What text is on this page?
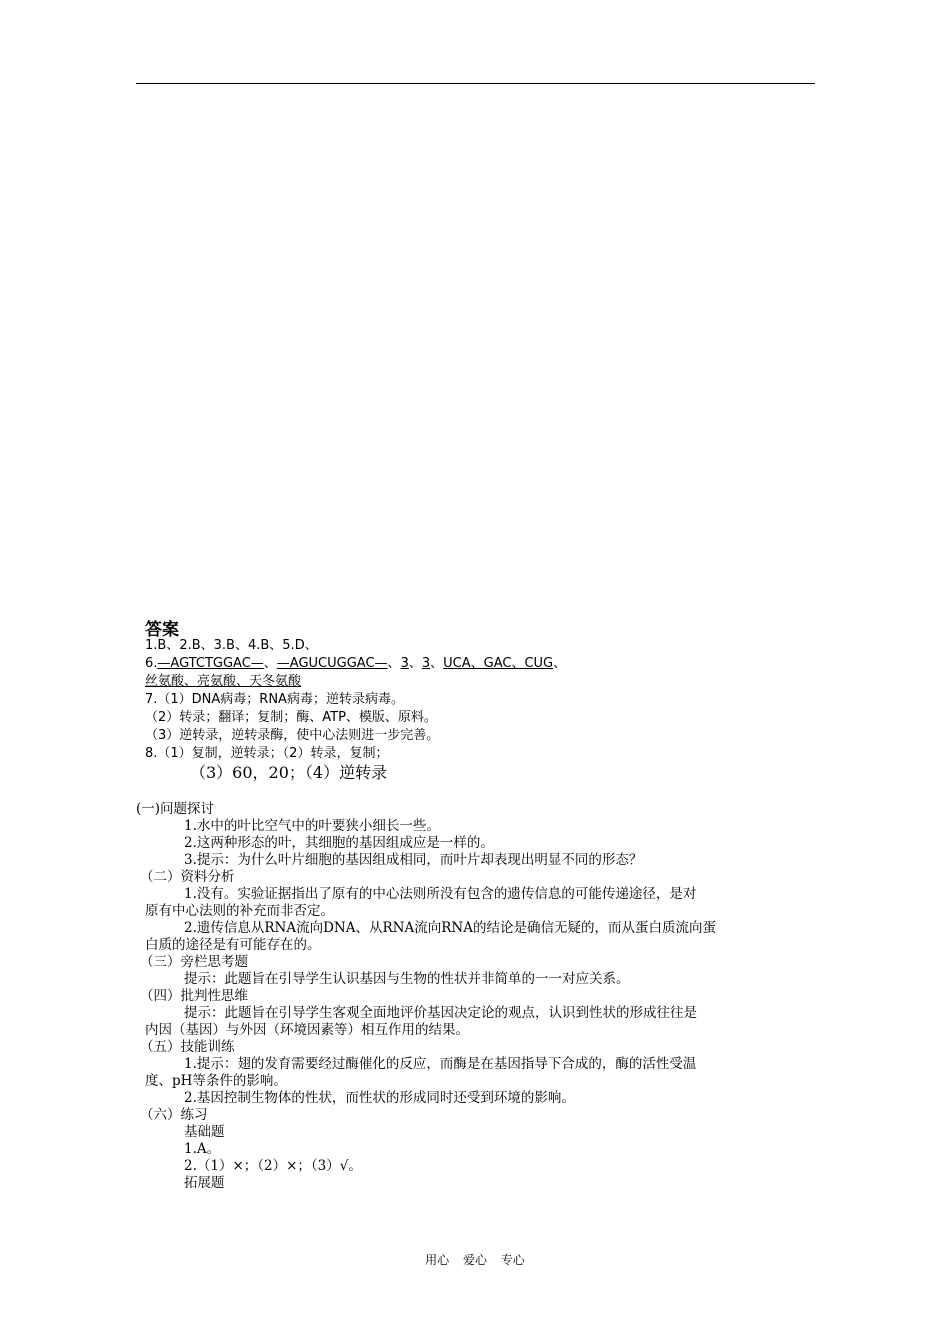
答案
1.B、2.B、3.B、4.B、5.D、
6.—AGTCTGGAC—、—AGUCUGGAC—、3、3、UCA、GAC、CUG、
丝氨酸、亮氨酸、天冬氨酸
7.（1）DNA病毒；RNA病毒；逆转录病毒。
（2）转录；翻译；复制；酶、ATP、模版、原料。
（3）逆转录，逆转录酶，使中心法则进一步完善。
8.（1）复制，逆转录；（2）转录，复制；
（3）60，20；（4）逆转录
(一)问题探讨
1.水中的叶比空气中的叶要狭小细长一些。
2.这两种形态的叶，其细胞的基因组成应是一样的。
3.提示：为什么叶片细胞的基因组成相同，而叶片却表现出明显不同的形态？
（二）资料分析
1.没有。实验证据指出了原有的中心法则所没有包含的遗传信息的可能传递途径，是对
原有中心法则的补充而非否定。
2.遗传信息从RNA流向DNA、从RNA流向RNA的结论是确信无疑的，而从蛋白质流向蛋
白质的途径是有可能存在的。
（三）旁栏思考题
提示：此题旨在引导学生认识基因与生物的性状并非简单的一一对应关系。
（四）批判性思维
提示：此题旨在引导学生客观全面地评价基因决定论的观点，认识到性状的形成往往是
内因（基因）与外因（环境因素等）相互作用的结果。
（五）技能训练
1.提示：翅的发育需要经过酶催化的反应，而酶是在基因指导下合成的，酶的活性受温
度、pH等条件的影响。
2.基因控制生物体的性状，而性状的形成同时还受到环境的影响。
（六）练习
基础题
1.A。
2.（1）×；（2）×；（3）√。
拓展题
用心 爱心 专心
